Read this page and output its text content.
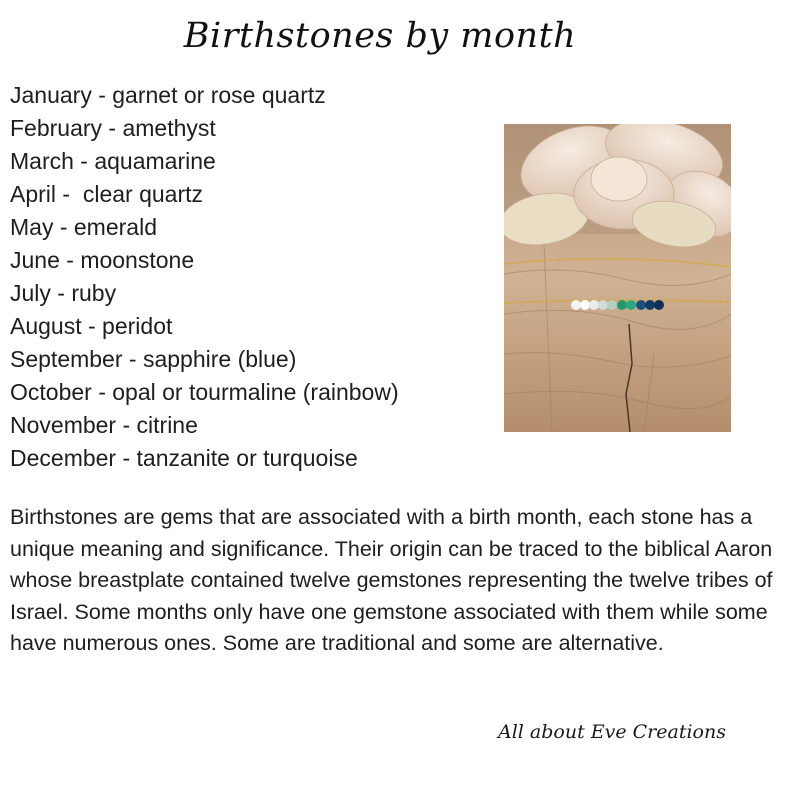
Birthstones by month
January - garnet or rose quartz
February - amethyst
March - aquamarine
April -  clear quartz
May - emerald
June - moonstone
July - ruby
August - peridot
September - sapphire (blue)
October - opal or tourmaline (rainbow)
November - citrine
December - tanzanite or turquoise

Birthstones are gems that are associated with a birth month, each stone has a unique meaning and significance. Their origin can be traced to the biblical Aaron whose breastplate contained twelve gemstones representing the twelve tribes of Israel. Some months only have one gemstone associated with them while some have numerous ones. Some are traditional and some are alternative.

All about Eve Creations
